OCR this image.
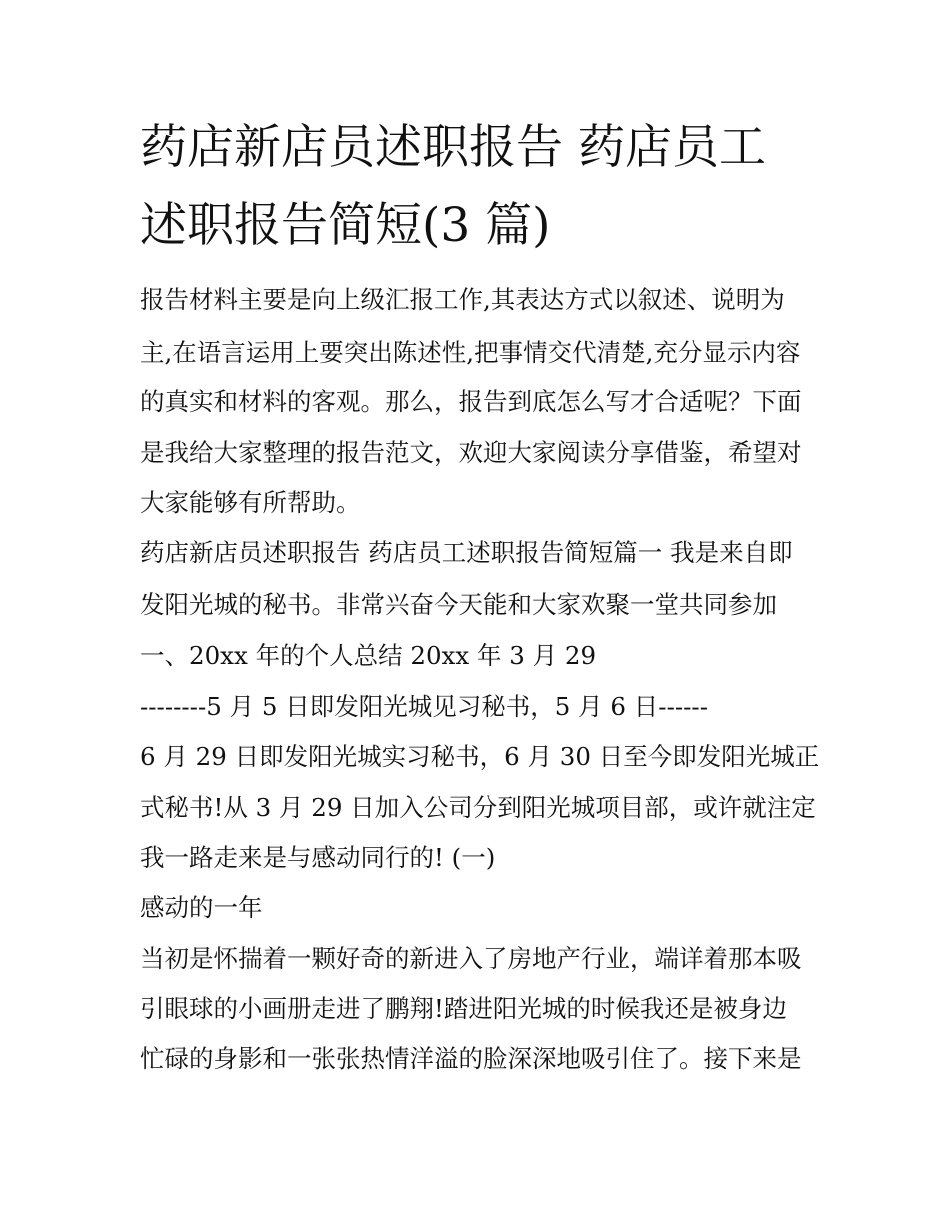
药店新店员述职报告 药店员工
述职报告简短(3 篇)

报告材料主要是向上级汇报工作,其表达方式以叙述、说明为

主,在语言运用上要突出陈述性,把事情交代清楚,充分显示内容

的真实和材料的客观。那么，报告到底怎么写才合适呢？下面

是我给大家整理的报告范文，欢迎大家阅读分享借鉴，希望对

大家能够有所帮助。

药店新店员述职报告 药店员工述职报告简短篇一 我是来自即

发阳光城的秘书。非常兴奋今天能和大家欢聚一堂共同参加

一、20xx 年的个人总结 20xx 年 3 月 29

--------5 月 5 日即发阳光城见习秘书，5 月 6 日------

6 月 29 日即发阳光城实习秘书，6 月 30 日至今即发阳光城正

式秘书!从 3 月 29 日加入公司分到阳光城项目部，或许就注定

我一路走来是与感动同行的! (一)

感动的一年

当初是怀揣着一颗好奇的新进入了房地产行业，端详着那本吸

引眼球的小画册走进了鹏翔!踏进阳光城的时候我还是被身边

忙碌的身影和一张张热情洋溢的脸深深地吸引住了。接下来是
